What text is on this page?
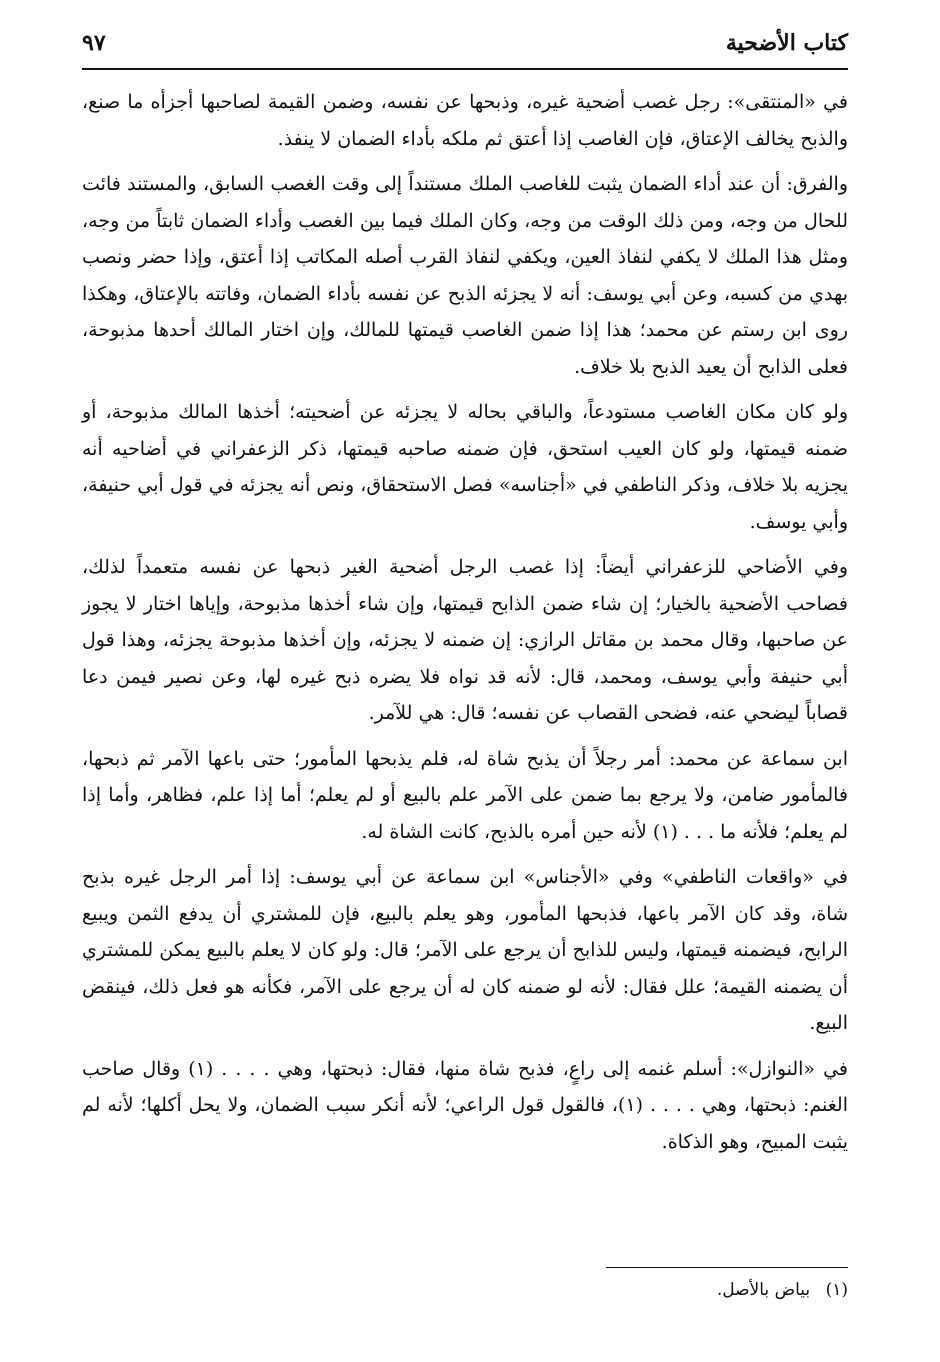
كتاب الأضحية
٩٧

في «المنتقى»: رجل غصب أضحية غيره، وذبحها عن نفسه، وضمن القيمة لصاحبها أجزأه ما صنع، والذبح يخالف الإعتاق، فإن الغاصب إذا أعتق ثم ملكه بأداء الضمان لا ينفذ.

والفرق: أن عند أداء الضمان يثبت للغاصب الملك مستنداً إلى وقت الغصب السابق، والمستند فائت للحال من وجه، ومن ذلك الوقت من وجه، وكان الملك فيما بين الغصب وأداء الضمان ثابتاً من وجه، ومثل هذا الملك لا يكفي لنفاذ العين، ويكفي لنفاذ القرب أصله المكاتب إذا أعتق، وإذا حضر ونصب بهدي من كسبه، وعن أبي يوسف: أنه لا يجزئه الذبح عن نفسه بأداء الضمان، وفاتته بالإعتاق، وهكذا روى ابن رستم عن محمد؛ هذا إذا ضمن الغاصب قيمتها للمالك، وإن اختار المالك أحدها مذبوحة، فعلى الذابح أن يعيد الذبح بلا خلاف.

ولو كان مكان الغاصب مستودعاً، والباقي بحاله لا يجزئه عن أضحيته؛ أخذها المالك مذبوحة، أو ضمنه قيمتها، ولو كان العيب استحق، فإن ضمنه صاحبه قيمتها، ذكر الزعفراني في أضاحيه أنه يجزيه بلا خلاف، وذكر الناطفي في «أجناسه» فصل الاستحقاق، ونص أنه يجزئه في قول أبي حنيفة، وأبي يوسف.

وفي الأضاحي للزعفراني أيضاً: إذا غصب الرجل أضحية الغير ذبحها عن نفسه متعمداً لذلك، فصاحب الأضحية بالخيار؛ إن شاء ضمن الذابح قيمتها، وإن شاء أخذها مذبوحة، وإياها اختار لا يجوز عن صاحبها، وقال محمد بن مقاتل الرازي: إن ضمنه لا يجزئه، وإن أخذها مذبوحة يجزئه، وهذا قول أبي حنيفة وأبي يوسف، ومحمد، قال: لأنه قد نواه فلا يضره ذبح غيره لها، وعن نصير فيمن دعا قصاباً ليضحي عنه، فضحى القصاب عن نفسه؛ قال: هي للآمر.

ابن سماعة عن محمد: أمر رجلاً أن يذبح شاة له، فلم يذبحها المأمور؛ حتى باعها الآمر ثم ذبحها، فالمأمور ضامن، ولا يرجع بما ضمن على الآمر علم بالبيع أو لم يعلم؛ أما إذا علم، فظاهر، وأما إذا لم يعلم؛ فلأنه ما . . . (١) لأنه حين أمره بالذبح، كانت الشاة له.

في «واقعات الناطفي» وفي «الأجناس» ابن سماعة عن أبي يوسف: إذا أمر الرجل غيره بذبح شاة، وقد كان الآمر باعها، فذبحها المأمور، وهو يعلم بالبيع، فإن للمشتري أن يدفع الثمن ويبيع الرابح، فيضمنه قيمتها، وليس للذابح أن يرجع على الآمر؛ قال: ولو كان لا يعلم بالبيع يمكن للمشتري أن يضمنه القيمة؛ علل فقال: لأنه لو ضمنه كان له أن يرجع على الآمر، فكأنه هو فعل ذلك، فينقض البيع.

في «النوازل»: أسلم غنمه إلى راعٍ، فذبح شاة منها، فقال: ذبحتها، وهي . . . . (١) وقال صاحب الغنم: ذبحتها، وهي . . . . (١)، فالقول قول الراعي؛ لأنه أنكر سبب الضمان، ولا يحل أكلها؛ لأنه لم يثبت المبيح، وهو الذكاة.

(١) بياض بالأصل.
